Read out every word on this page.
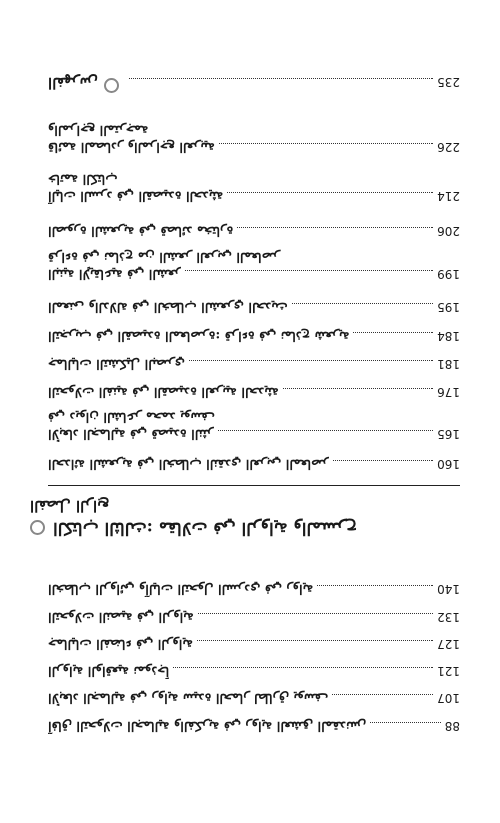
آفاق التحولات الجمالية والفكرية في رواية العشق المقدنس	88
الأبعاد الجمالية في رواية سيدة الحمار لطارق يوسف	107
الرواية الواقعية نموذجاً	121
جماليات الفضاء في الرواية	127
التحولات النصية في الرواية	132
الخطاب الروائي وآليات التحول السردي في رواية	140
الكتاب الثالث: مقالات في الرواية والمسرح
الفصل الرابع
الحداثة الشعرية في الخطاب النقدي العربي المعاصر	160
الأبعاد الجمالية في قصيدة النثر	165
في ديوان الشاعر محمد يوسف
التحولات الفنية في القصيدة العربية الحديثة	176
جماليات التشكيل البصري	181
التجريب في القصيدة المعاصرة: قراءة في نماذج شعرية	184
المعنى والدلالة في الخطاب الشعري الحديث	195
البنية الإيقاعية في الشعر	199
قراءة في نماذج من الشعر العربي المعاصر
الصورة الشعرية في قصائد مختارة	206
آليات السرد في القصيدة الحديثة	214
خاتمة الكتاب
قائمة المصادر والمراجع العربية	226
والمراجع المترجمة
الفهرس	235
